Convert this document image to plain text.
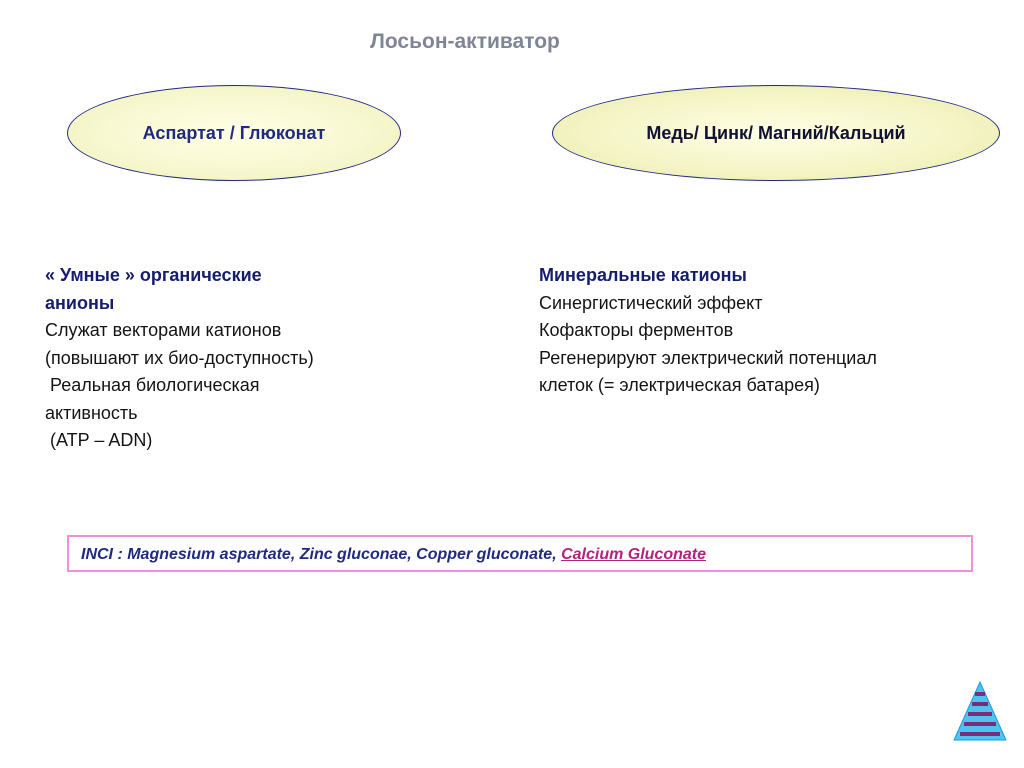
Лосьон-активатор
Аспартат / Глюконат	Медь/ Цинк/ Магний/Кальций
« Умные » органические
анионы
Служат векторами катионов
(повышают их био-доступность)
Реальная биологическая
активность
(ATP – ADN)
Минеральные катионы
Синергистический эффект
Кофакторы ферментов
Регенерируют электрический потенциал
клеток (= электрическая батарея)
INCI : Magnesium aspartate, Zinc gluconae, Copper gluconate, Calcium Gluconate
